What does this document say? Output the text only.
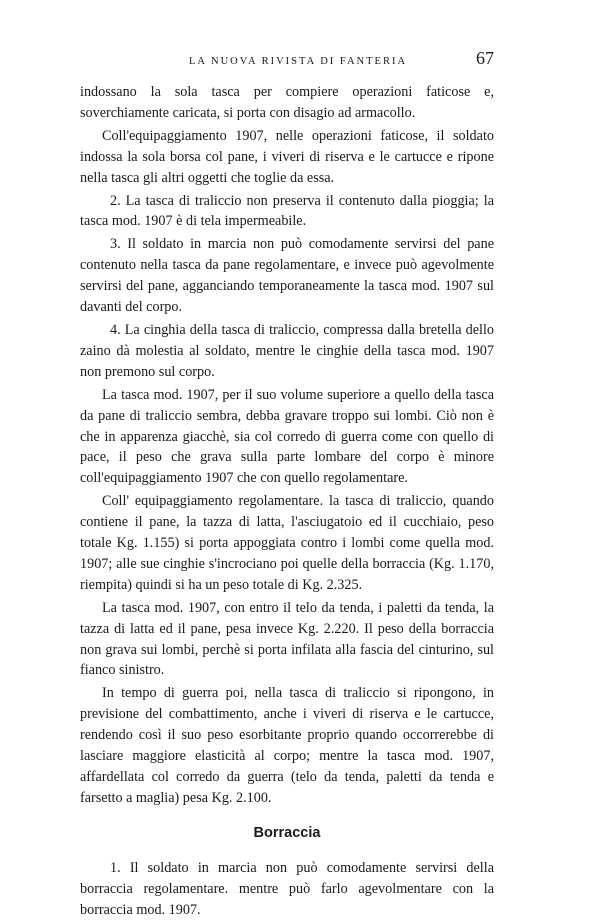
LA NUOVA RIVISTA DI FANTERIA	67

indossano la sola tasca per compiere operazioni faticose e, soverchiamente caricata, si porta con disagio ad armacollo.

Coll'equipaggiamento 1907, nelle operazioni faticose, il soldato indossa la sola borsa col pane, i viveri di riserva e le cartucce e ripone nella tasca gli altri oggetti che toglie da essa.

2. La tasca di traliccio non preserva il contenuto dalla pioggia; la tasca mod. 1907 è di tela impermeabile.

3. Il soldato in marcia non può comodamente servirsi del pane contenuto nella tasca da pane regolamentare, e invece può agevolmente servirsi del pane, agganciando temporaneamente la tasca mod. 1907 sul davanti del corpo.

4. La cinghia della tasca di traliccio, compressa dalla bretella dello zaino dà molestia al soldato, mentre le cinghie della tasca mod. 1907 non premono sul corpo.

La tasca mod. 1907, per il suo volume superiore a quello della tasca da pane di traliccio sembra, debba gravare troppo sui lombi. Ciò non è che in apparenza giacchè, sia col corredo di guerra come con quello di pace, il peso che grava sulla parte lombare del corpo è minore coll'equipaggiamento 1907 che con quello regolamentare.

Coll' equipaggiamento regolamentare. la tasca di traliccio, quando contiene il pane, la tazza di latta, l'asciugatoio ed il cucchiaio, peso totale Kg. 1.155) si porta appoggiata contro i lombi come quella mod. 1907; alle sue cinghie s'incrociano poi quelle della borraccia (Kg. 1.170, riempita) quindi si ha un peso totale di Kg. 2.325.

La tasca mod. 1907, con entro il telo da tenda, i paletti da tenda, la tazza di latta ed il pane, pesa invece Kg. 2.220. Il peso della borraccia non grava sui lombi, perchè si porta infilata alla fascia del cinturino, sul fianco sinistro.

In tempo di guerra poi, nella tasca di traliccio si ripongono, in previsione del combattimento, anche i viveri di riserva e le cartucce, rendendo così il suo peso esorbitante proprio quando occorrerebbe di lasciare maggiore elasticità al corpo; mentre la tasca mod. 1907, affardellata col corredo da guerra (telo da tenda, paletti da tenda e farsetto a maglia) pesa Kg. 2.100.

Borraccia

1. Il soldato in marcia non può comodamente servirsi della borraccia regolamentare. mentre può farlo agevolmentare con la borraccia mod. 1907.
